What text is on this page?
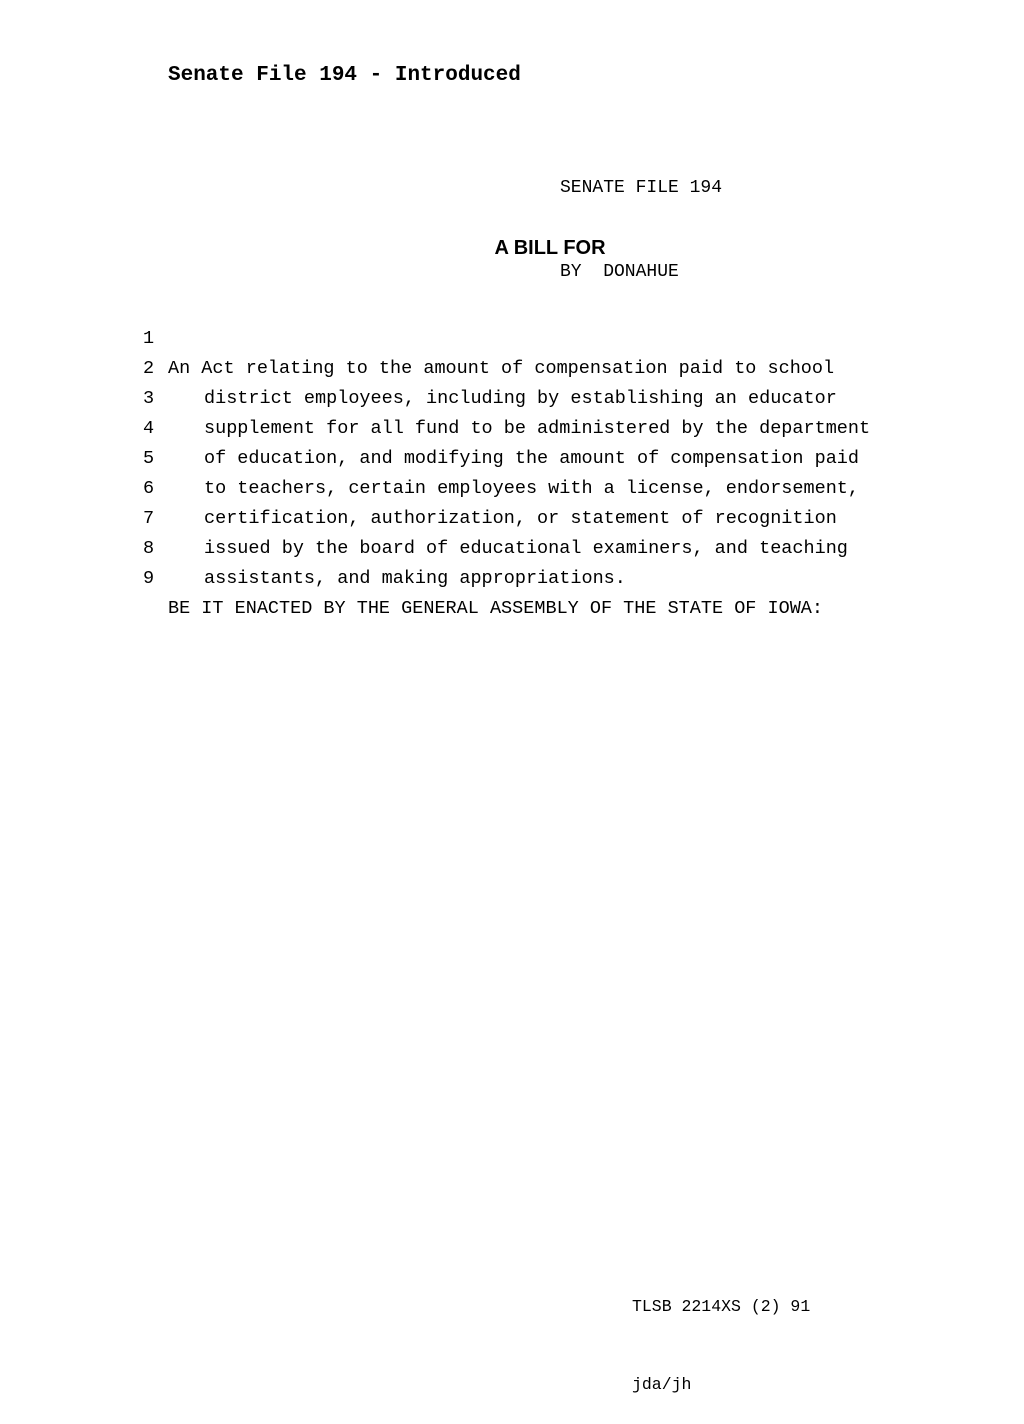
Senate File 194 - Introduced

SENATE FILE 194

BY  DONAHUE

A BILL FOR

1

An Act relating to the amount of compensation paid to school

2

district employees, including by establishing an educator

3

supplement for all fund to be administered by the department

4

of education, and modifying the amount of compensation paid

5

to teachers, certain employees with a license, endorsement,

6

certification, authorization, or statement of recognition

7

issued by the board of educational examiners, and teaching

8

assistants, and making appropriations.

9

BE IT ENACTED BY THE GENERAL ASSEMBLY OF THE STATE OF IOWA:

TLSB 2214XS (2) 91

jda/jh
